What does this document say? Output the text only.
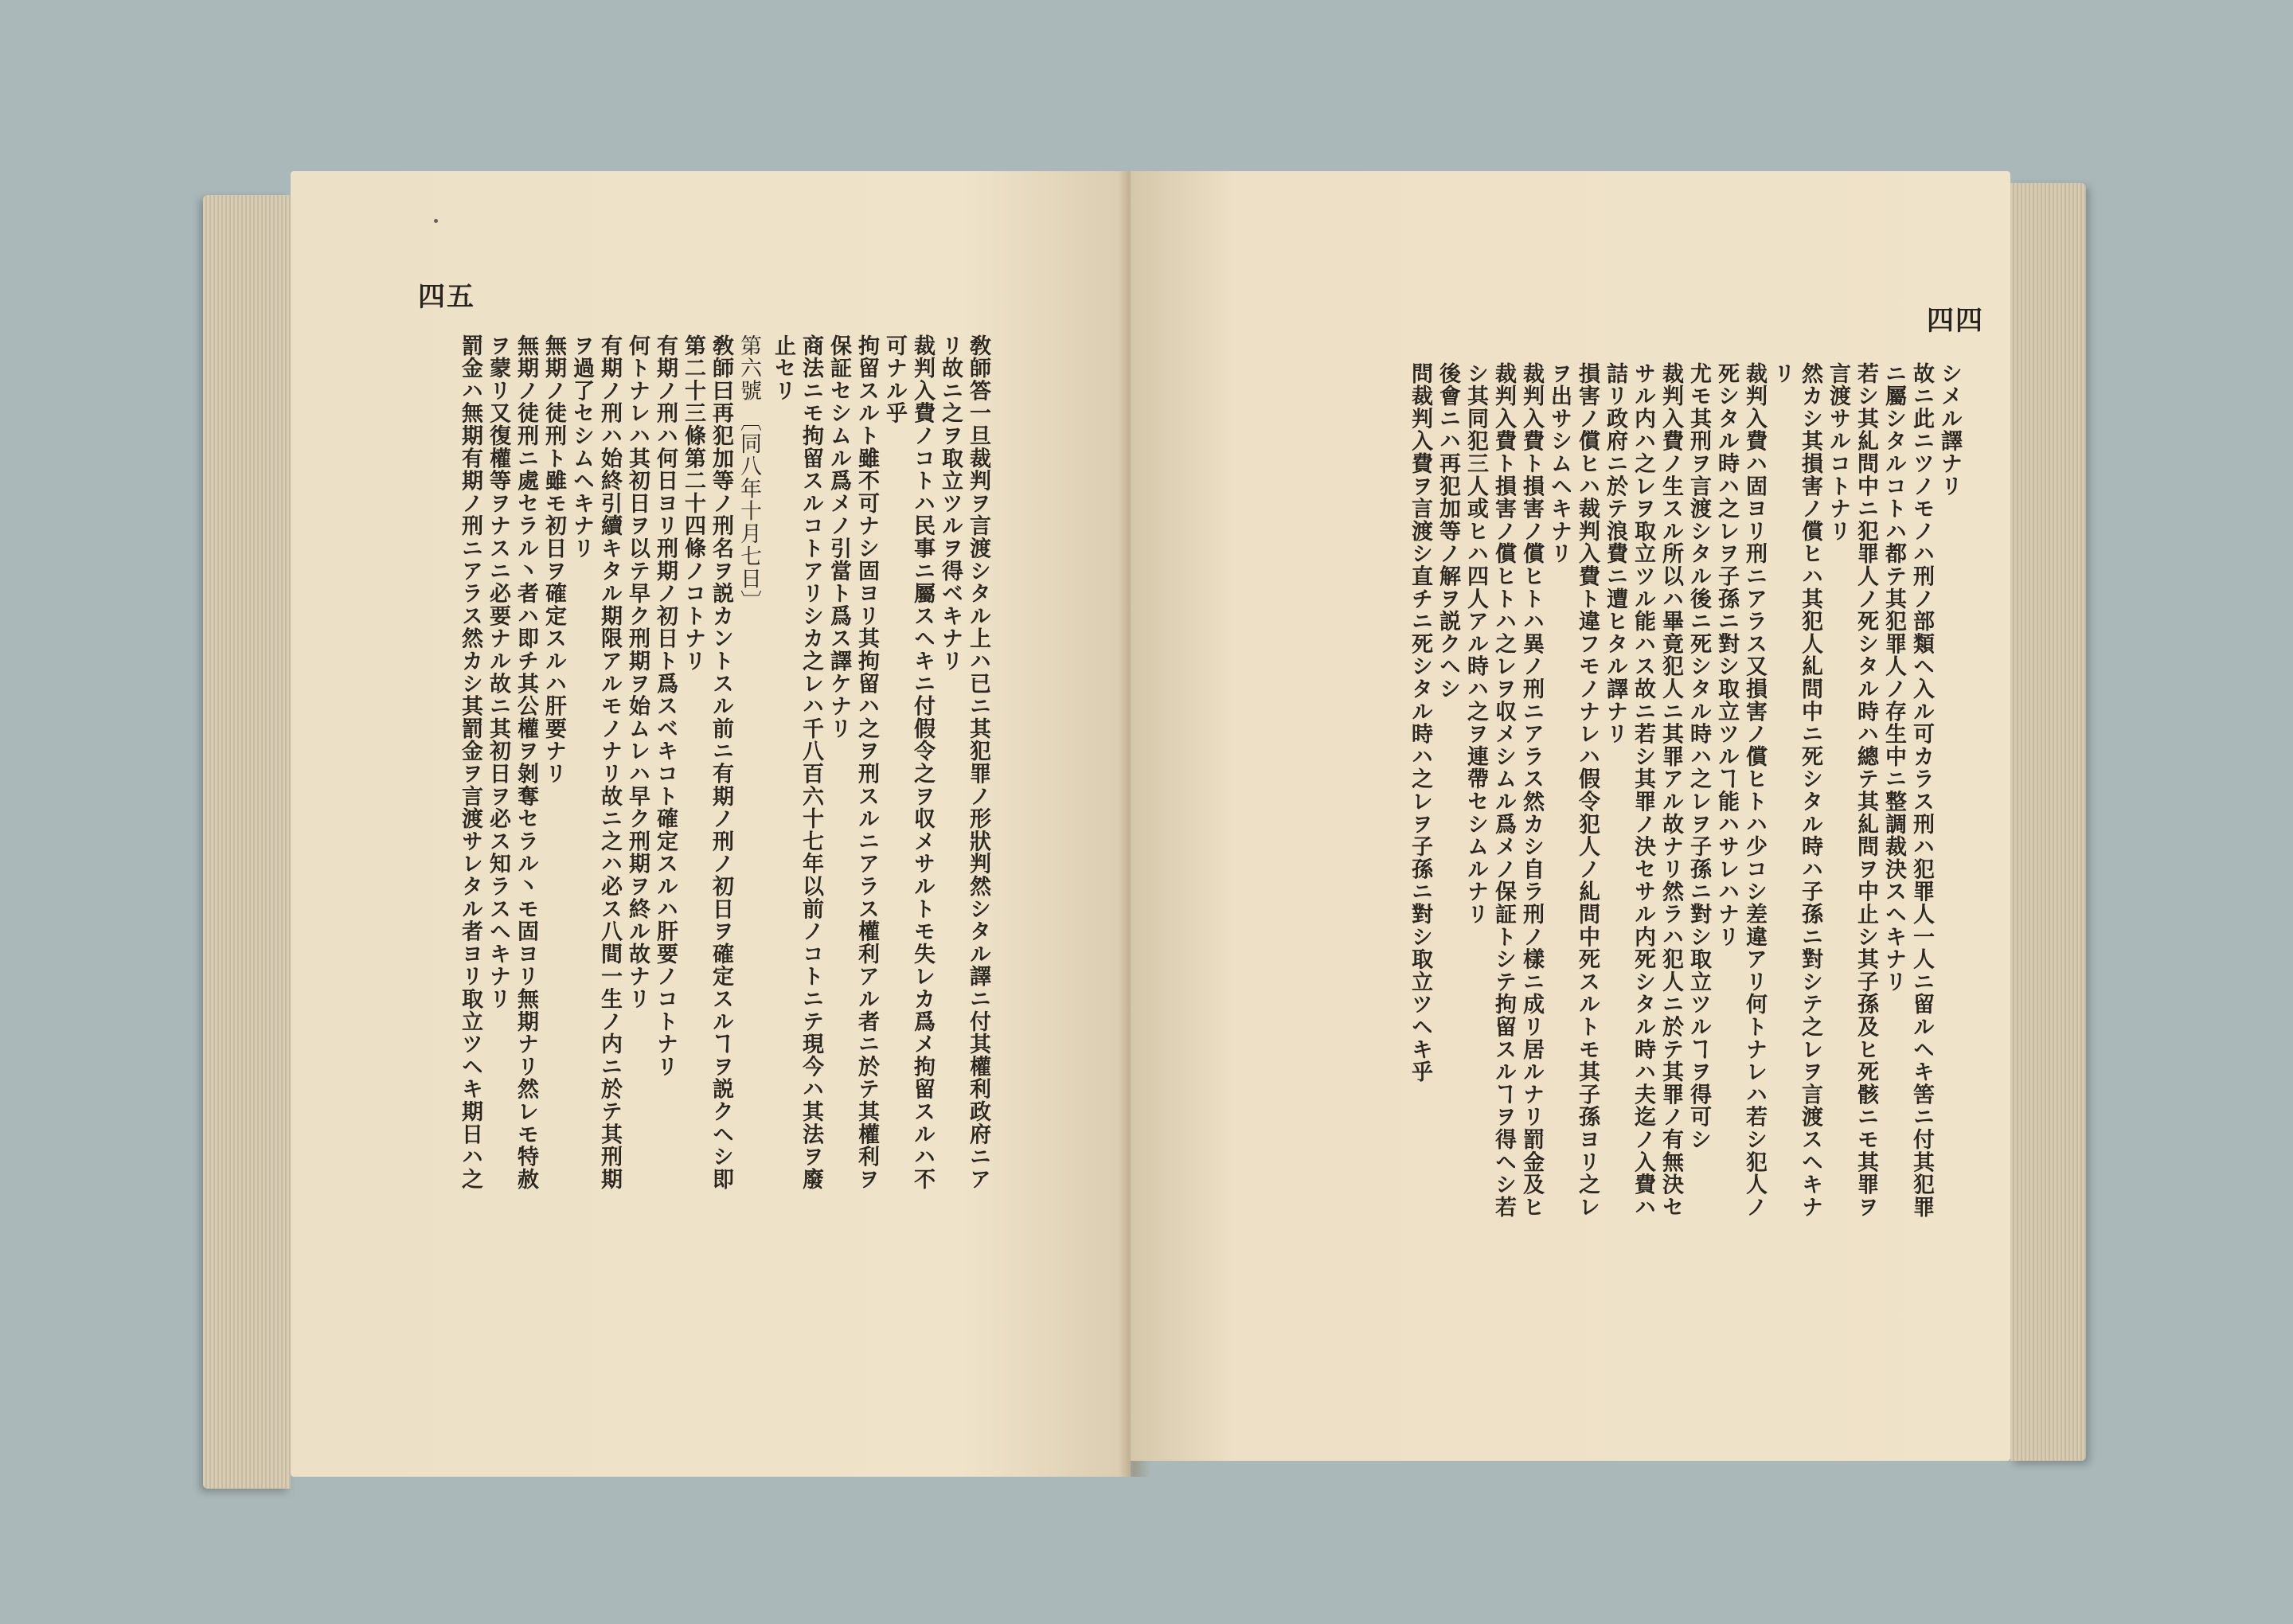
四五
敎師答一旦裁判ヲ言渡シタル上ハ已ニ其犯罪ノ形狀判然シタル譯ニ付其權利政府ニア
リ故ニ之ヲ取立ツルヲ得ベキナリ
裁判入費ノコトハ民事ニ屬スヘキニ付假令之ヲ収メサルトモ失レカ爲メ拘留スルハ不
可ナル乎
拘留スルト雖不可ナシ固ヨリ其拘留ハ之ヲ刑スルニアラス權利アル者ニ於テ其權利ヲ
保証セシムル爲メノ引當ト爲ス譯ケナリ
商法ニモ拘留スルコトアリシカ之レハ千八百六十七年以前ノコトニテ現今ハ其法ヲ廢
止セリ
第六號 〔同八年十月七日〕
敎師曰再犯加等ノ刑名ヲ説カントスル前ニ有期ノ刑ノ初日ヲ確定スルヿヲ説クヘシ即
第二十三條第二十四條ノコトナリ
有期ノ刑ハ何日ヨリ刑期ノ初日ト爲スベキコト確定スルハ肝要ノコトナリ
何トナレハ其初日ヲ以テ早ク刑期ヲ始ムレハ早ク刑期ヲ終ル故ナリ
有期ノ刑ハ始終引續キタル期限アルモノナリ故ニ之ハ必ス八間一生ノ内ニ於テ其刑期
ヲ過了セシムヘキナリ
無期ノ徒刑ト雖モ初日ヲ確定スルハ肝要ナリ
無期ノ徒刑ニ處セラル丶者ハ即チ其公權ヲ剝奪セラル丶モ固ヨリ無期ナリ然レモ特赦
ヲ蒙リ又復權等ヲナスニ必要ナル故ニ其初日ヲ必ス知ラスヘキナリ
罰金ハ無期有期ノ刑ニアラス然カシ其罰金ヲ言渡サレタル者ヨリ取立ツヘキ期日ハ之
四四
シメル譯ナリ
故ニ此ニツノモノハ刑ノ部類ヘ入ル可カラス刑ハ犯罪人一人ニ留ルヘキ筈ニ付其犯罪
ニ屬シタルコトハ都テ其犯罪人ノ存生中ニ整調裁決スヘキナリ
若シ其糺問中ニ犯罪人ノ死シタル時ハ總テ其糺問ヲ中止シ其子孫及ヒ死骸ニモ其罪ヲ
言渡サルコトナリ
然カシ其損害ノ償ヒハ其犯人糺問中ニ死シタル時ハ子孫ニ對シテ之レヲ言渡スヘキナ
リ
裁判入費ハ固ヨリ刑ニアラス又損害ノ償ヒトハ少コシ差違アリ何トナレハ若シ犯人ノ
死シタル時ハ之レヲ子孫ニ對シ取立ツルヿ能ハサレハナリ
尤モ其刑ヲ言渡シタル後ニ死シタル時ハ之レヲ子孫ニ對シ取立ツルヿヲ得可シ
裁判入費ノ生スル所以ハ畢竟犯人ニ其罪アル故ナリ然ラハ犯人ニ於テ其罪ノ有無決セ
サル内ハ之レヲ取立ツル能ハス故ニ若シ其罪ノ決セサル内死シタル時ハ夫迄ノ入費ハ
詰リ政府ニ於テ浪費ニ遭ヒタル譯ナリ
損害ノ償ヒハ裁判入費ト違フモノナレハ假令犯人ノ糺問中死スルトモ其子孫ヨリ之レ
ヲ出サシムヘキナリ
裁判入費ト損害ノ償ヒトハ異ノ刑ニアラス然カシ自ラ刑ノ樣ニ成リ居ルナリ罰金及ヒ
裁判入費ト損害ノ償ヒトハ之レヲ収メシムル爲メノ保証トシテ拘留スルヿヲ得ヘシ若
シ其同犯三人或ヒハ四人アル時ハ之ヲ連帶セシムルナリ
後會ニハ再犯加等ノ解ヲ説クヘシ
問裁判入費ヲ言渡シ直チニ死シタル時ハ之レヲ子孫ニ對シ取立ツヘキ乎
